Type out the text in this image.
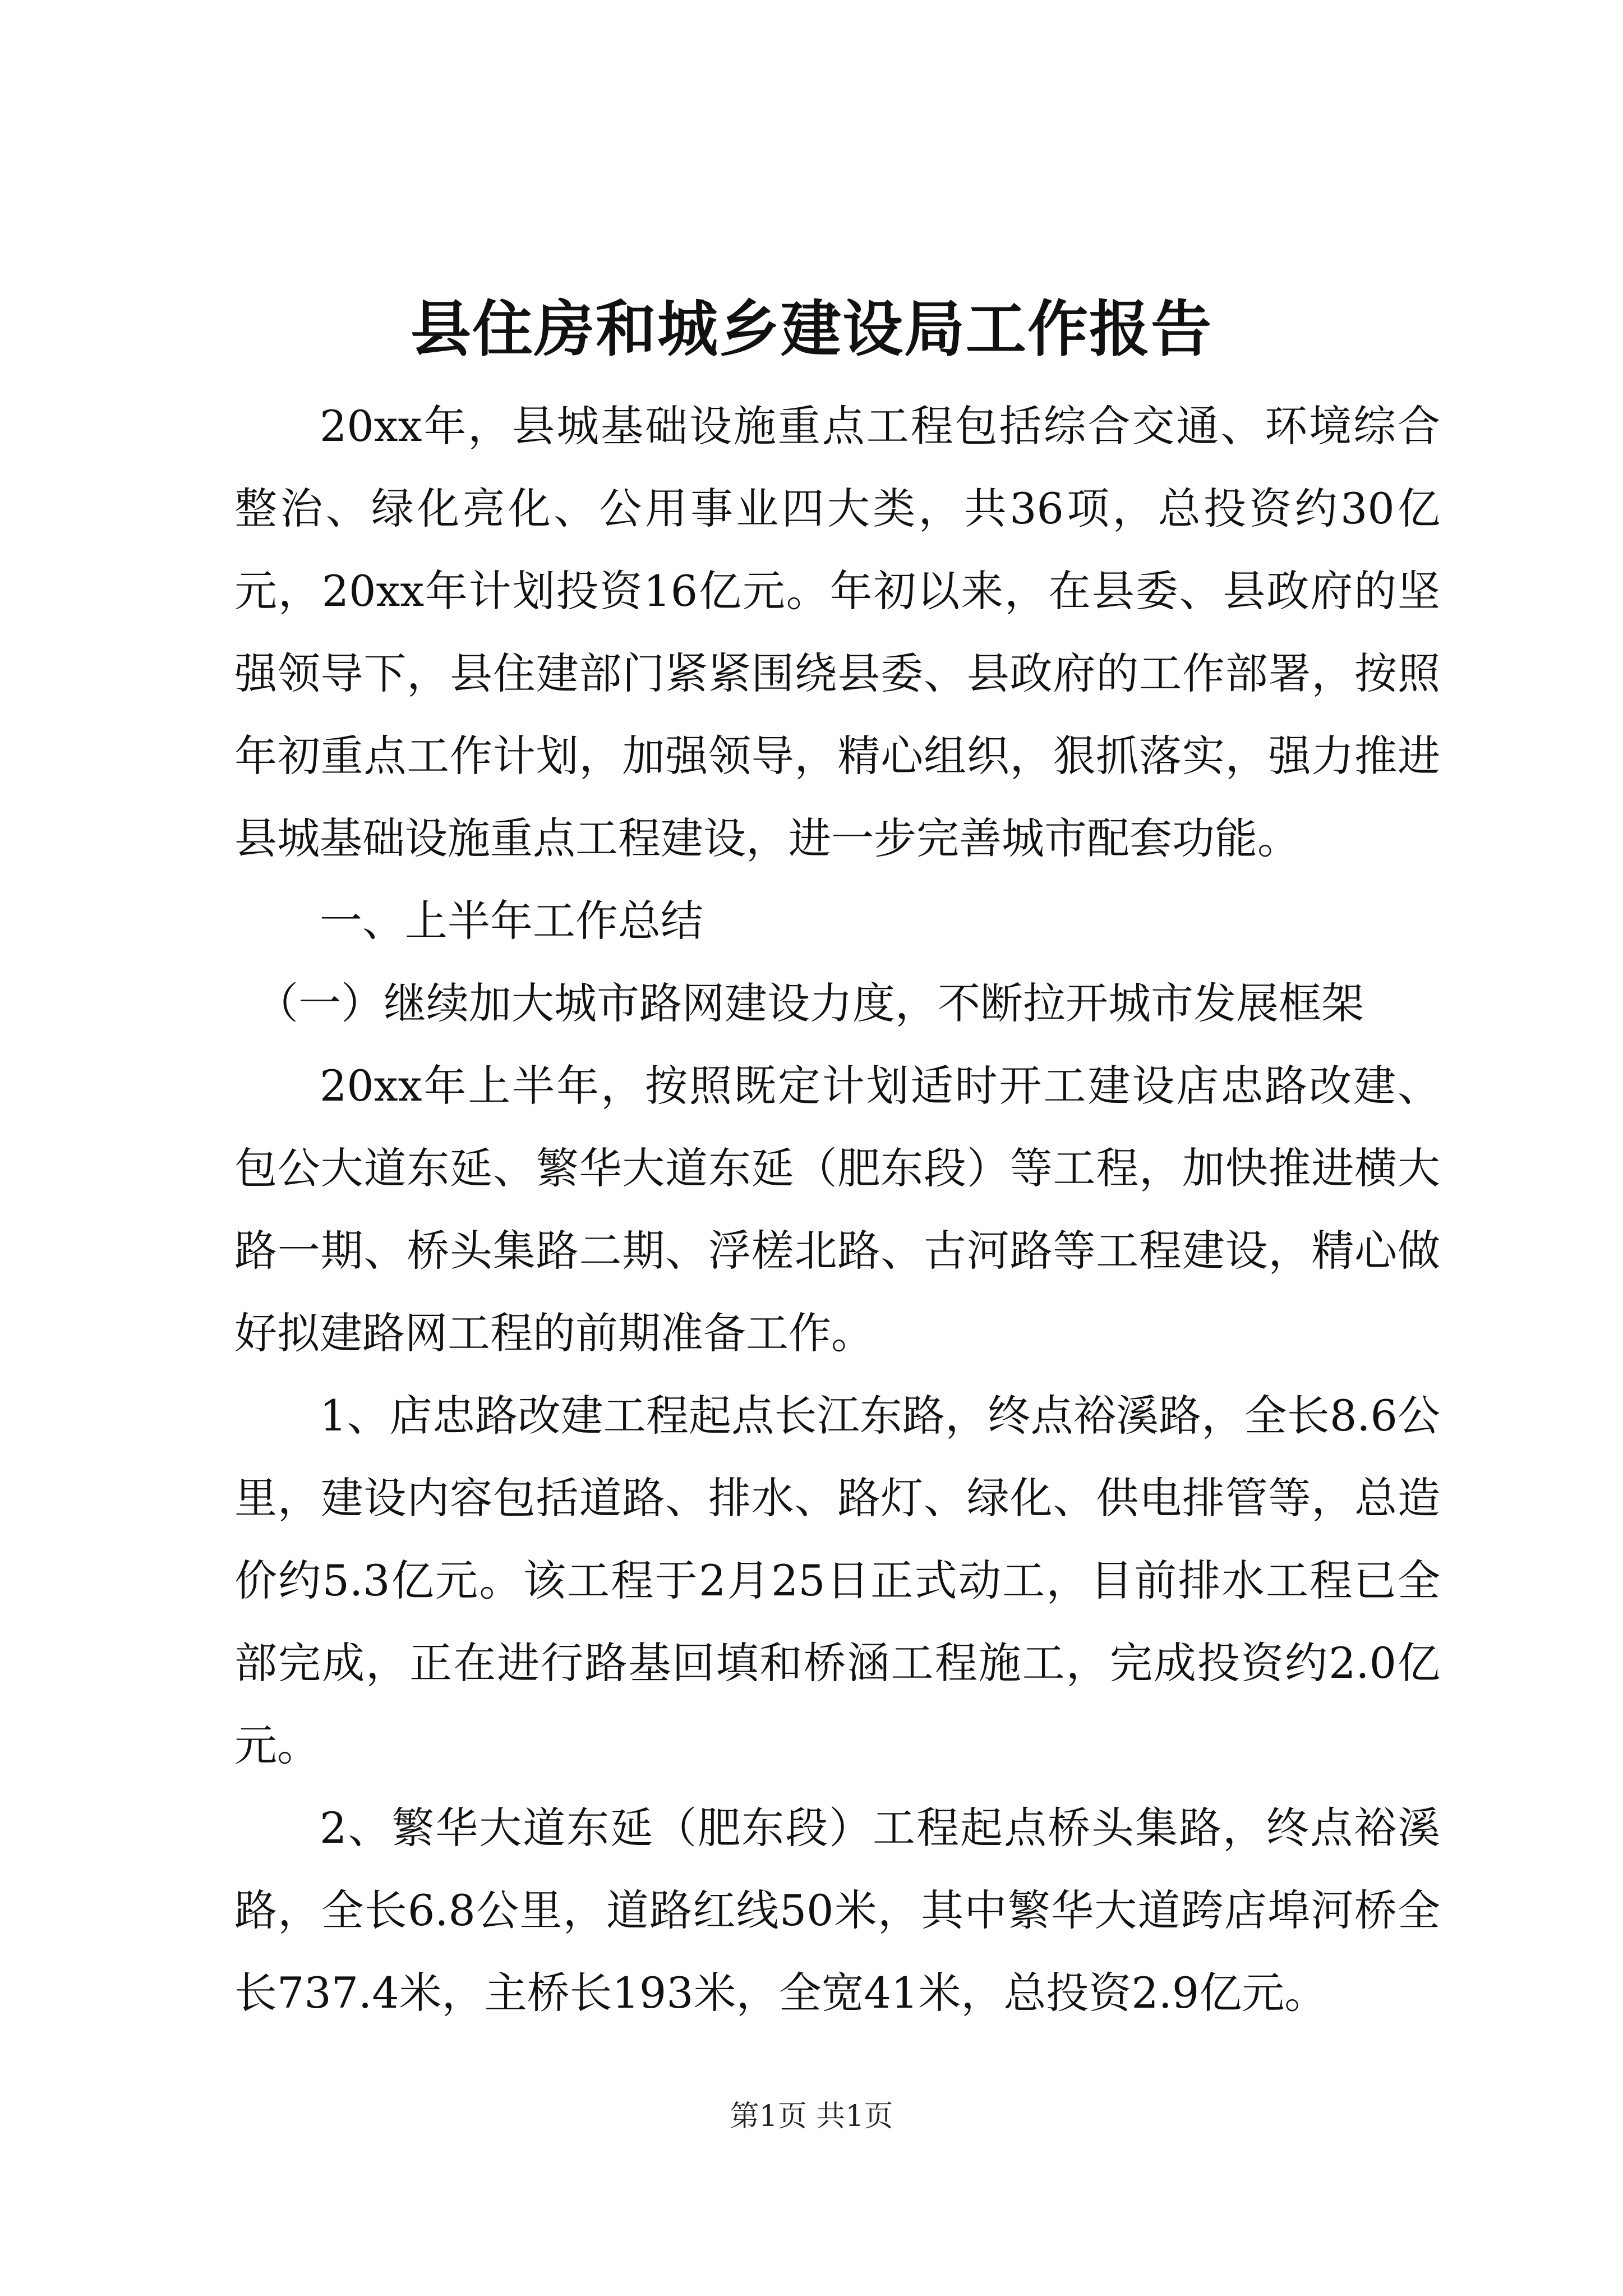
县住房和城乡建设局工作报告

20xx年，县城基础设施重点工程包括综合交通、环境综合整治、绿化亮化、公用事业四大类，共36项，总投资约30亿元，20xx年计划投资16亿元。年初以来，在县委、县政府的坚强领导下，县住建部门紧紧围绕县委、县政府的工作部署，按照年初重点工作计划，加强领导，精心组织，狠抓落实，强力推进县城基础设施重点工程建设，进一步完善城市配套功能。

一、上半年工作总结

（一）继续加大城市路网建设力度，不断拉开城市发展框架

20xx年上半年，按照既定计划适时开工建设店忠路改建、包公大道东延、繁华大道东延（肥东段）等工程，加快推进横大路一期、桥头集路二期、浮槎北路、古河路等工程建设，精心做好拟建路网工程的前期准备工作。

1、店忠路改建工程起点长江东路，终点裕溪路，全长8.6公里，建设内容包括道路、排水、路灯、绿化、供电排管等，总造价约5.3亿元。该工程于2月25日正式动工，目前排水工程已全部完成，正在进行路基回填和桥涵工程施工，完成投资约2.0亿元。

2、繁华大道东延（肥东段）工程起点桥头集路，终点裕溪路，全长6.8公里，道路红线50米，其中繁华大道跨店埠河桥全长737.4米，主桥长193米，全宽41米，总投资2.9亿元。

第1页 共1页
